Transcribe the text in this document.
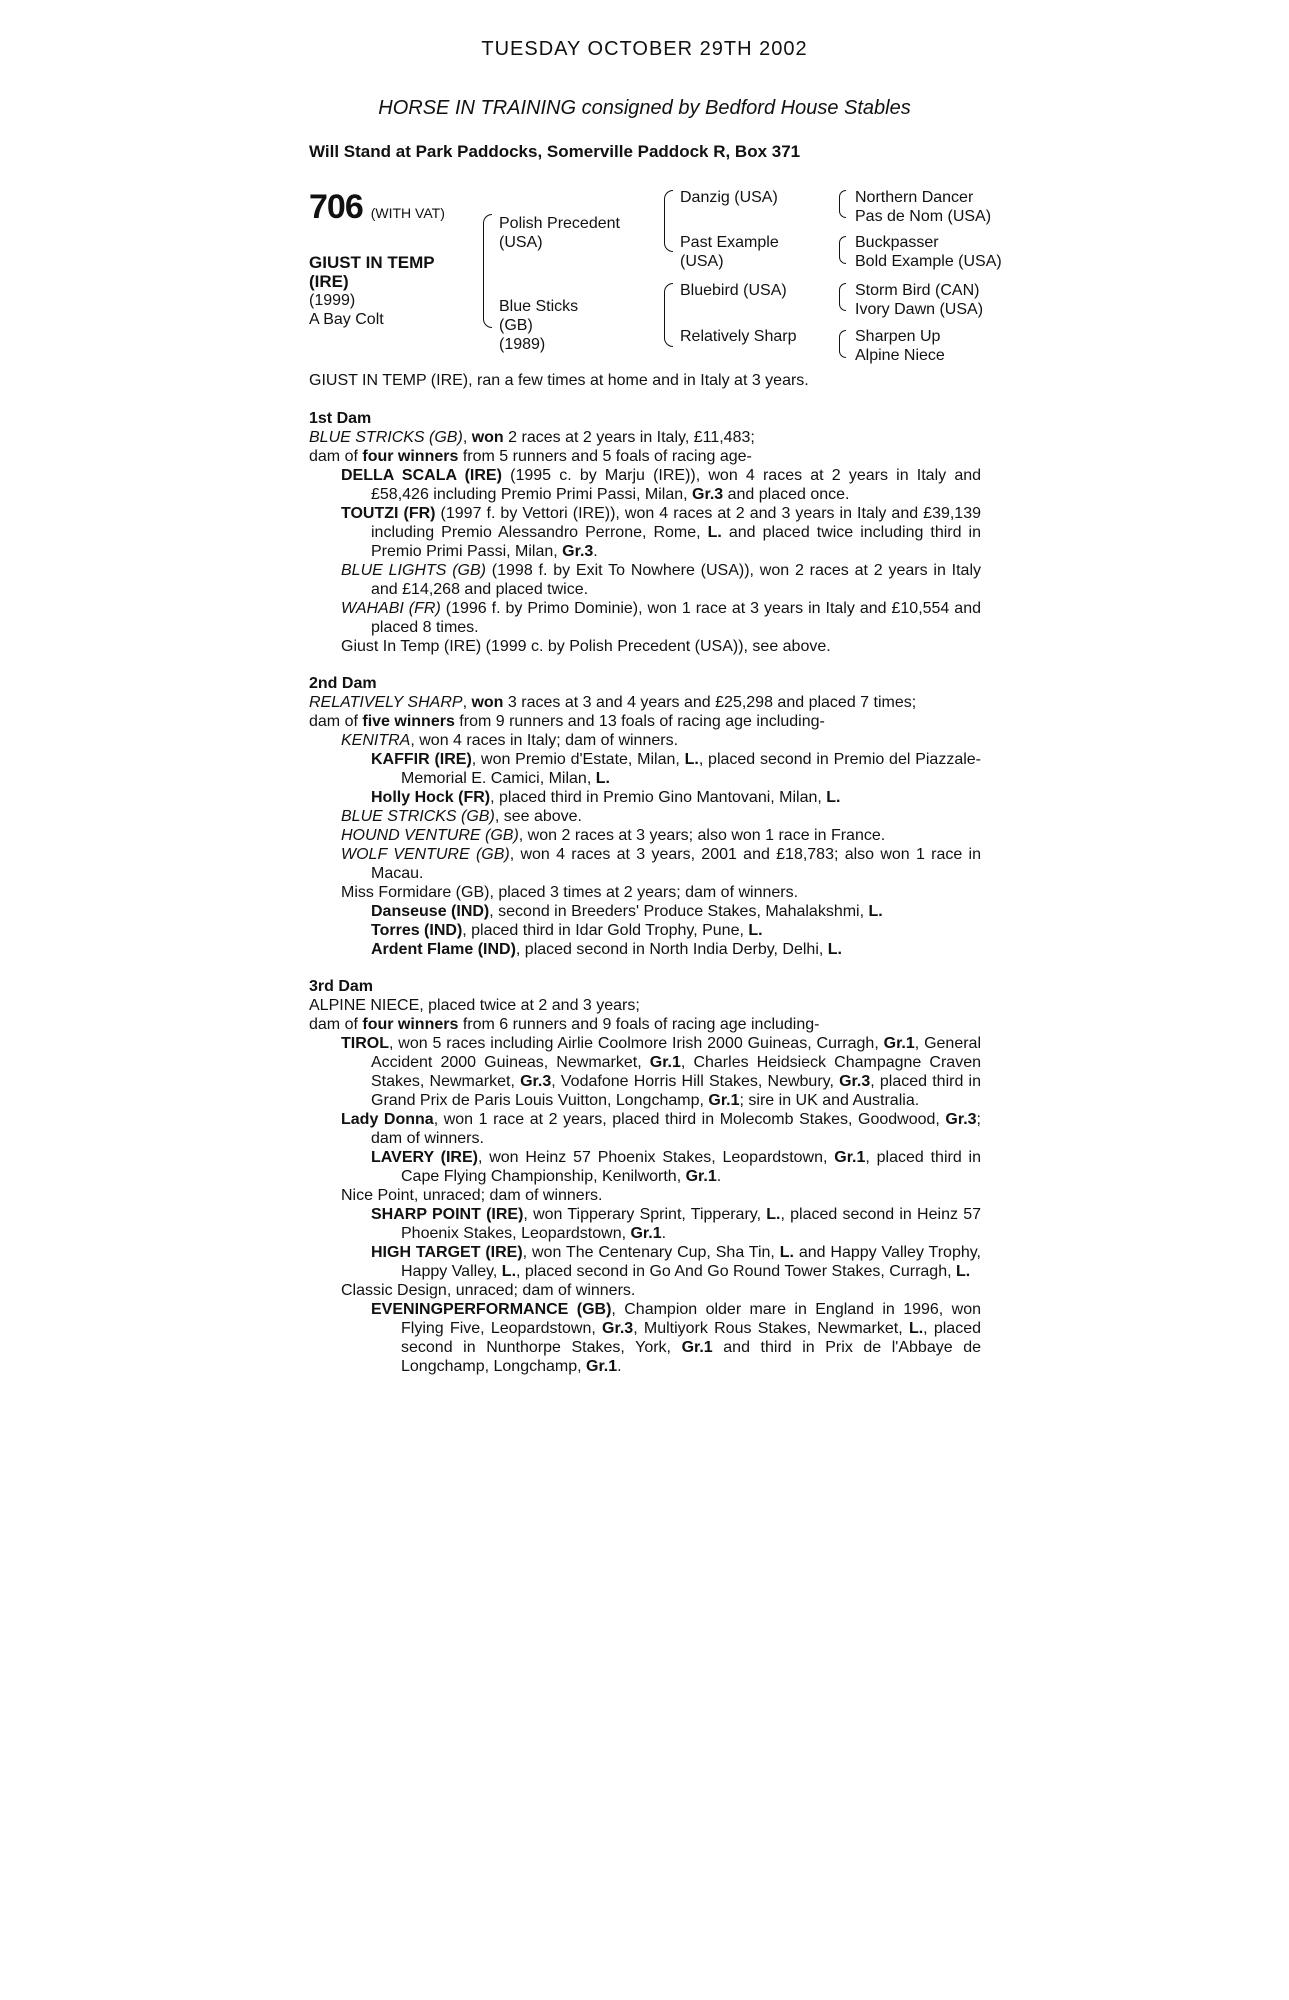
TUESDAY OCTOBER 29TH 2002
HORSE IN TRAINING consigned by Bedford House Stables
Will Stand at Park Paddocks, Somerville Paddock R, Box 371
706 (WITH VAT)
GIUST IN TEMP
(IRE)
(1999)
A Bay Colt
Polish Precedent
(USA)
Blue Sticks
(GB)
(1989)
Danzig (USA)
Past Example
(USA)
Bluebird (USA)
Relatively Sharp
Northern Dancer
Pas de Nom (USA)
Buckpasser
Bold Example (USA)
Storm Bird (CAN)
Ivory Dawn (USA)
Sharpen Up
Alpine Niece
GIUST IN TEMP (IRE), ran a few times at home and in Italy at 3 years.
1st Dam

BLUE STRICKS (GB), won 2 races at 2 years in Italy, £11,483;

dam of four winners from 5 runners and 5 foals of racing age-

DELLA SCALA (IRE) (1995 c. by Marju (IRE)), won 4 races at 2 years in Italy and £58,426 including Premio Primi Passi, Milan, Gr.3 and placed once.

TOUTZI (FR) (1997 f. by Vettori (IRE)), won 4 races at 2 and 3 years in Italy and £39,139 including Premio Alessandro Perrone, Rome, L. and placed twice including third in Premio Primi Passi, Milan, Gr.3.

BLUE LIGHTS (GB) (1998 f. by Exit To Nowhere (USA)), won 2 races at 2 years in Italy and £14,268 and placed twice.

WAHABI (FR) (1996 f. by Primo Dominie), won 1 race at 3 years in Italy and £10,554 and placed 8 times.

Giust In Temp (IRE) (1999 c. by Polish Precedent (USA)), see above.

2nd Dam

RELATIVELY SHARP, won 3 races at 3 and 4 years and £25,298 and placed 7 times;

dam of five winners from 9 runners and 13 foals of racing age including-

KENITRA, won 4 races in Italy; dam of winners.

KAFFIR (IRE), won Premio d'Estate, Milan, L., placed second in Premio del Piazzale-Memorial E. Camici, Milan, L.

Holly Hock (FR), placed third in Premio Gino Mantovani, Milan, L.

BLUE STRICKS (GB), see above.

HOUND VENTURE (GB), won 2 races at 3 years; also won 1 race in France.

WOLF VENTURE (GB), won 4 races at 3 years, 2001 and £18,783; also won 1 race in Macau.

Miss Formidare (GB), placed 3 times at 2 years; dam of winners.

Danseuse (IND), second in Breeders' Produce Stakes, Mahalakshmi, L.

Torres (IND), placed third in Idar Gold Trophy, Pune, L.

Ardent Flame (IND), placed second in North India Derby, Delhi, L.

3rd Dam

ALPINE NIECE, placed twice at 2 and 3 years;

dam of four winners from 6 runners and 9 foals of racing age including-

TIROL, won 5 races including Airlie Coolmore Irish 2000 Guineas, Curragh, Gr.1, General Accident 2000 Guineas, Newmarket, Gr.1, Charles Heidsieck Champagne Craven Stakes, Newmarket, Gr.3, Vodafone Horris Hill Stakes, Newbury, Gr.3, placed third in Grand Prix de Paris Louis Vuitton, Longchamp, Gr.1; sire in UK and Australia.

Lady Donna, won 1 race at 2 years, placed third in Molecomb Stakes, Goodwood, Gr.3; dam of winners.

LAVERY (IRE), won Heinz 57 Phoenix Stakes, Leopardstown, Gr.1, placed third in Cape Flying Championship, Kenilworth, Gr.1.

Nice Point, unraced; dam of winners.

SHARP POINT (IRE), won Tipperary Sprint, Tipperary, L., placed second in Heinz 57 Phoenix Stakes, Leopardstown, Gr.1.

HIGH TARGET (IRE), won The Centenary Cup, Sha Tin, L. and Happy Valley Trophy, Happy Valley, L., placed second in Go And Go Round Tower Stakes, Curragh, L.

Classic Design, unraced; dam of winners.

EVENINGPERFORMANCE (GB), Champion older mare in England in 1996, won Flying Five, Leopardstown, Gr.3, Multiyork Rous Stakes, Newmarket, L., placed second in Nunthorpe Stakes, York, Gr.1 and third in Prix de l'Abbaye de Longchamp, Longchamp, Gr.1.
